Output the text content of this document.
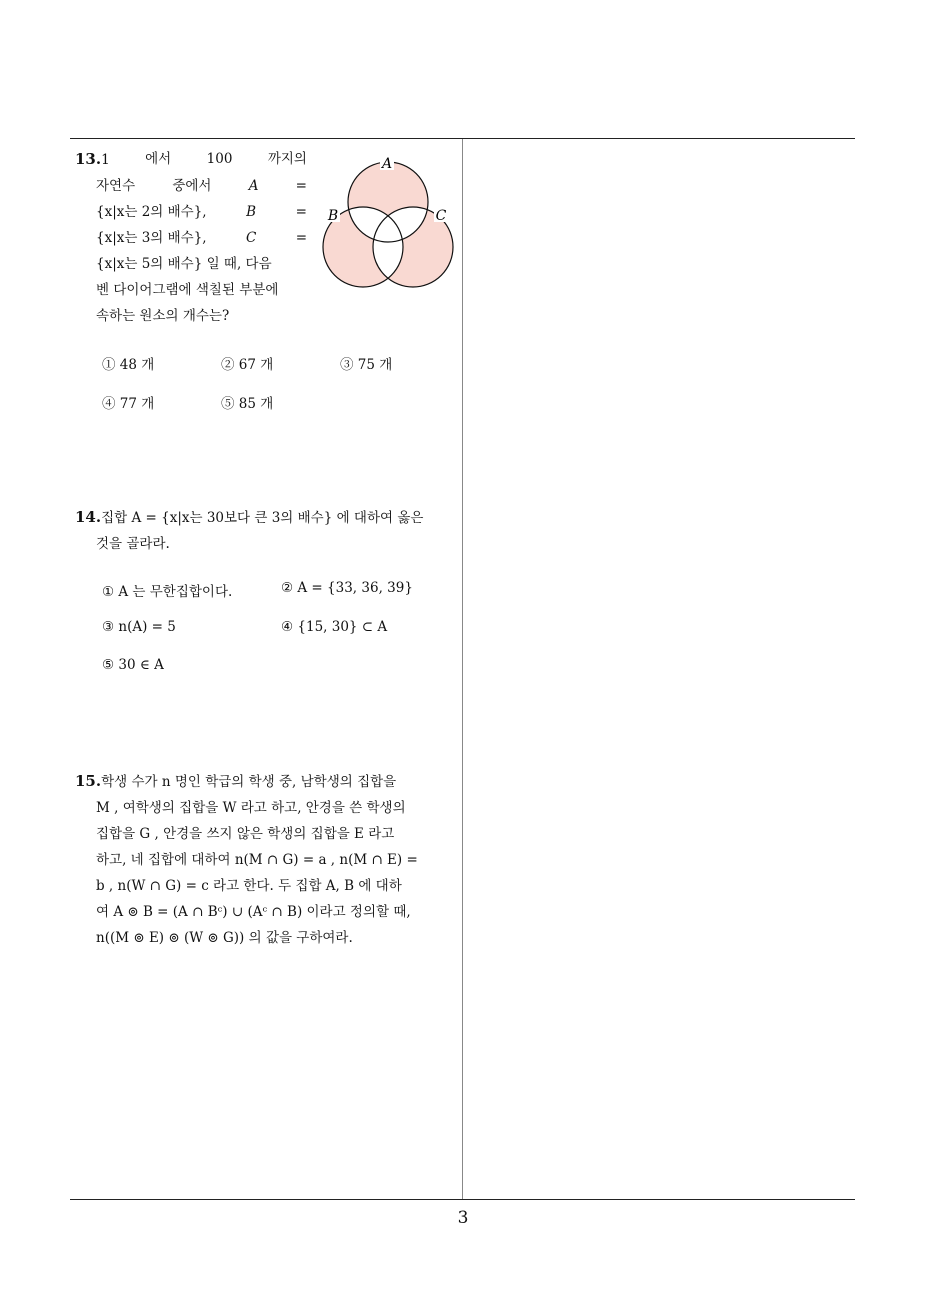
13.1	에서	100	까지의
자연수	중에서	A	=
{x|x는 2의 배수},	B	=
{x|x는 3의 배수},	C	=
{x|x는 5의 배수} 일 때, 다음
벤 다이어그램에 색칠된 부분에
속하는 원소의 개수는?
A
B	C
① 48 개	② 67 개	③ 75 개
④ 77 개	⑤ 85 개
14.집합 A = {x|x는 30보다 큰 3의 배수} 에 대하여 옳은
것을 골라라.
① A 는 무한집합이다.	② A = {33, 36, 39}
③ n(A) = 5	④ {15, 30} ⊂ A
⑤ 30 ∈ A
15.학생 수가 n 명인 학급의 학생 중, 남학생의 집합을
M , 여학생의 집합을 W 라고 하고, 안경을 쓴 학생의
집합을 G , 안경을 쓰지 않은 학생의 집합을 E 라고
하고, 네 집합에 대하여 n(M ∩ G) = a , n(M ∩ E) =
b , n(W ∩ G) = c 라고 한다. 두 집합 A, B 에 대하
여 A ⊚ B = (A ∩ Bᶜ) ∪ (Aᶜ ∩ B) 이라고 정의할 때,
n((M ⊚ E) ⊚ (W ⊚ G)) 의 값을 구하여라.
3
